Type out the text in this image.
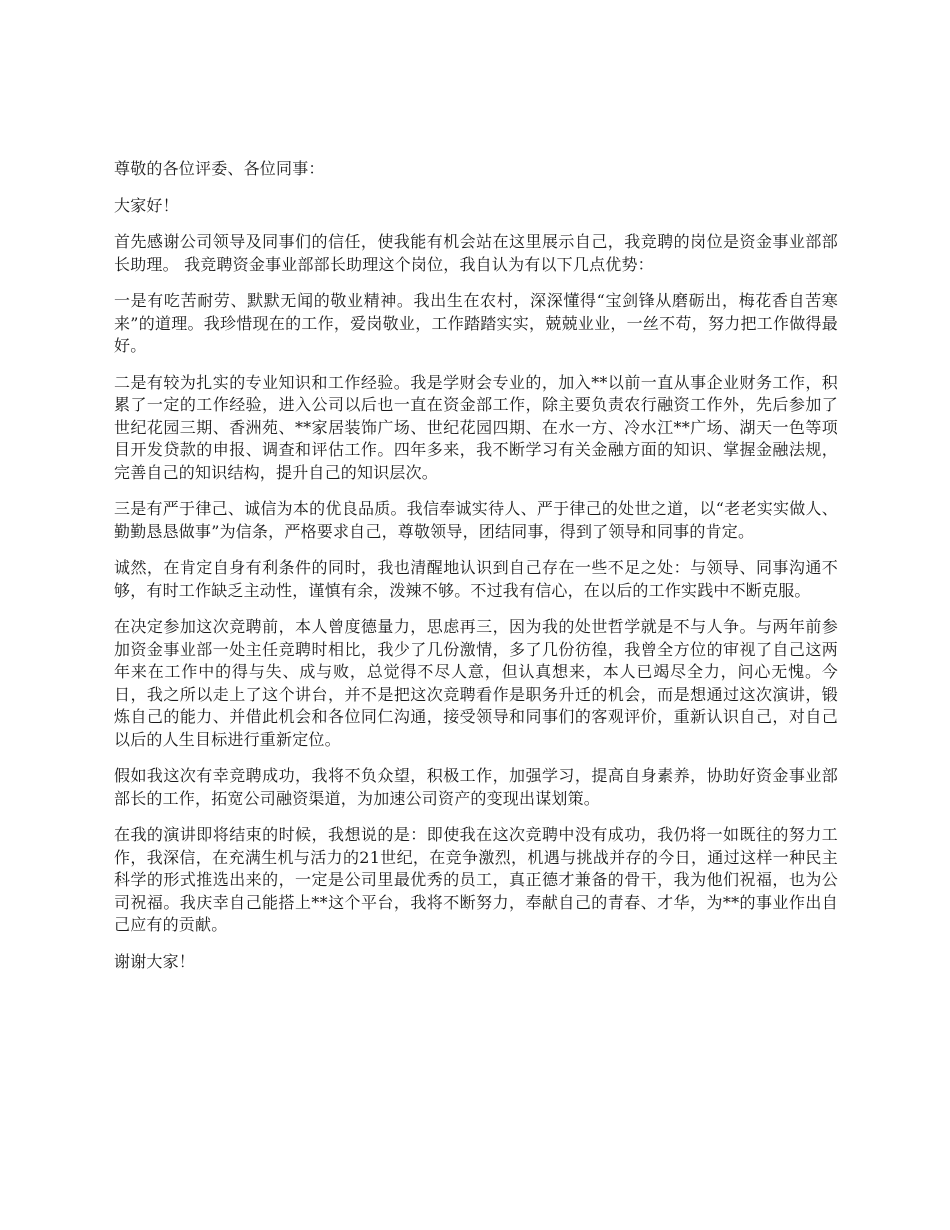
尊敬的各位评委、各位同事：

大家好！

首先感谢公司领导及同事们的信任，使我能有机会站在这里展示自己，我竞聘的岗位是资金事业部部长助理。 我竞聘资金事业部部长助理这个岗位，我自认为有以下几点优势：

一是有吃苦耐劳、默默无闻的敬业精神。我出生在农村，深深懂得“宝剑锋从磨砺出，梅花香自苦寒来”的道理。我珍惜现在的工作，爱岗敬业，工作踏踏实实，兢兢业业，一丝不苟，努力把工作做得最好。

二是有较为扎实的专业知识和工作经验。我是学财会专业的，加入**以前一直从事企业财务工作，积累了一定的工作经验，进入公司以后也一直在资金部工作，除主要负责农行融资工作外，先后参加了世纪花园三期、香洲苑、**家居装饰广场、世纪花园四期、在水一方、冷水江**广场、湖天一色等项目开发贷款的申报、调查和评估工作。四年多来，我不断学习有关金融方面的知识、掌握金融法规，完善自己的知识结构，提升自己的知识层次。

三是有严于律己、诚信为本的优良品质。我信奉诚实待人、严于律己的处世之道，以“老老实实做人、勤勤恳恳做事”为信条，严格要求自己，尊敬领导，团结同事，得到了领导和同事的肯定。

诚然，在肯定自身有利条件的同时，我也清醒地认识到自己存在一些不足之处：与领导、同事沟通不够，有时工作缺乏主动性，谨慎有余，泼辣不够。不过我有信心，在以后的工作实践中不断克服。

在决定参加这次竞聘前，本人曾度德量力，思虑再三，因为我的处世哲学就是不与人争。与两年前参加资金事业部一处主任竞聘时相比，我少了几份激情，多了几份彷徨，我曾全方位的审视了自己这两年来在工作中的得与失、成与败，总觉得不尽人意，但认真想来，本人已竭尽全力，问心无愧。今日，我之所以走上了这个讲台，并不是把这次竞聘看作是职务升迁的机会，而是想通过这次演讲，锻炼自己的能力、并借此机会和各位同仁沟通，接受领导和同事们的客观评价，重新认识自己，对自己以后的人生目标进行重新定位。

假如我这次有幸竞聘成功，我将不负众望，积极工作，加强学习，提高自身素养，协助好资金事业部部长的工作，拓宽公司融资渠道，为加速公司资产的变现出谋划策。

在我的演讲即将结束的时候，我想说的是：即使我在这次竞聘中没有成功，我仍将一如既往的努力工作，我深信，在充满生机与活力的21世纪，在竞争激烈，机遇与挑战并存的今日，通过这样一种民主科学的形式推选出来的，一定是公司里最优秀的员工，真正德才兼备的骨干，我为他们祝福，也为公司祝福。我庆幸自己能搭上**这个平台，我将不断努力，奉献自己的青春、才华，为**的事业作出自己应有的贡献。

谢谢大家！
